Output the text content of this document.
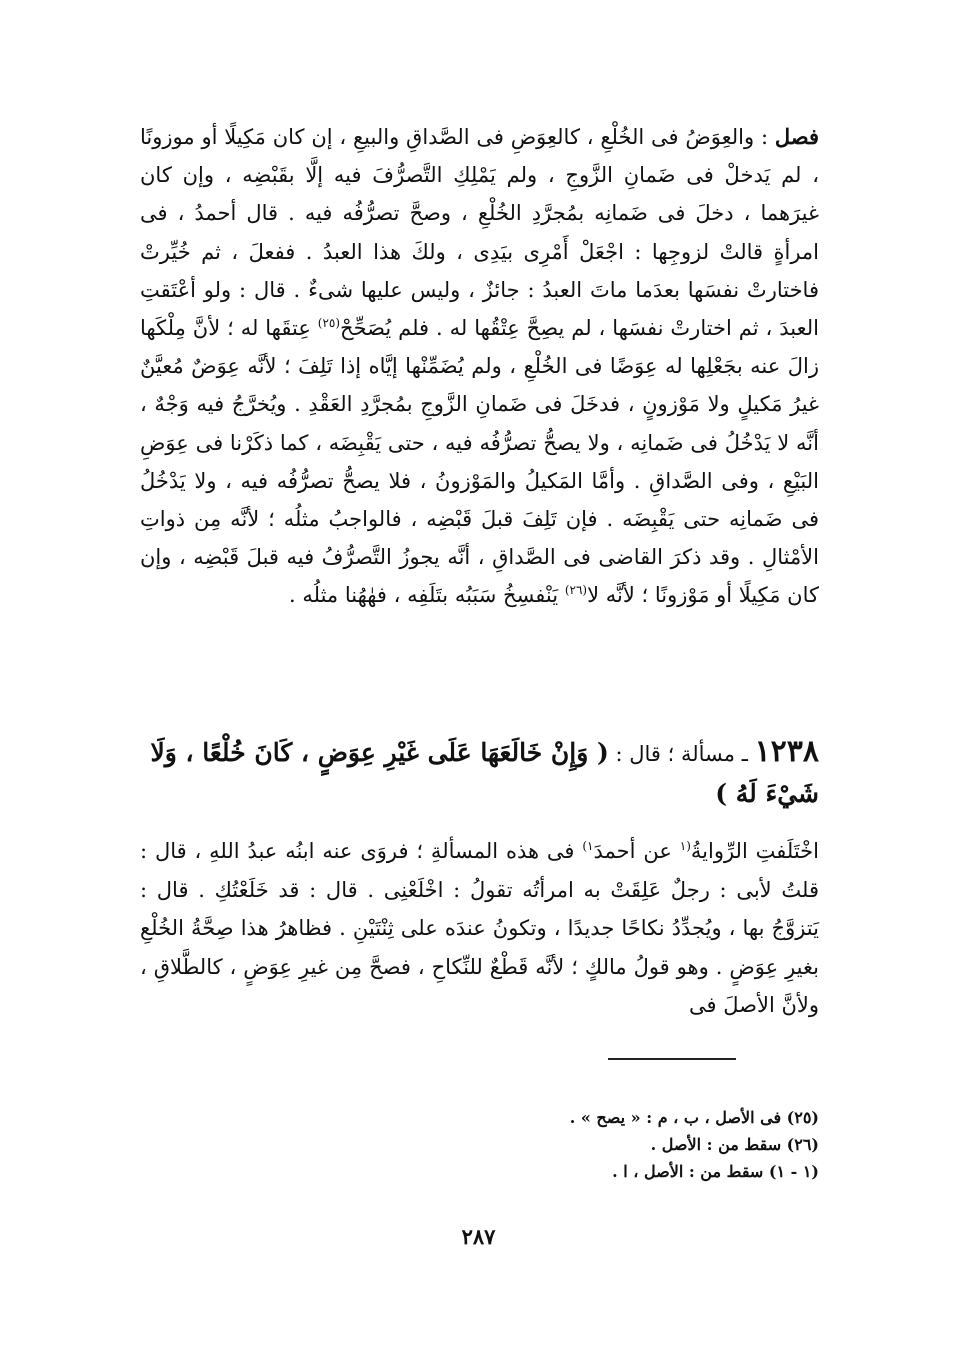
فصل : والعِوَضُ فى الخُلْعِ ، كالعِوَضِ فى الصَّداقِ والبيعِ ، إن كان مَكِيلًا أو موزونًا ، لم يَدخلْ فى ضَمانِ الزَّوجِ ، ولم يَمْلِكِ التَّصرُّفَ فيه إلَّا بقَبْضِه ، وإن كان غيرَهما ، دخلَ فى ضَمانِه بمُجرَّدِ الخُلْعِ ، وصحَّ تصرُّفُه فيه . قال أحمدُ ، فى امرأةٍ قالتْ لزوجِها : اجْعَلْ أَمْرِى بيَدِى ، ولكَ هذا العبدُ . ففعلَ ، ثم خُيِّرتْ فاختارتْ نفسَها بعدَما ماتَ العبدُ : جائزٌ ، وليس عليها شىءٌ . قال : ولو أعْتَقتِ العبدَ ، ثم اختارتْ نفسَها ، لم يصِحَّ عِتْقُها له . فلم يُصَحِّحْ$^{(٢٥)}$ عِتقَها له ؛ لأنَّ مِلْكَها زالَ عنه بجَعْلِها له عِوَضًا فى الخُلْعِ ، ولم يُضَمِّنْها إيَّاه إذا تَلِفَ ؛ لأنَّه عِوَضٌ مُعيَّنٌ غيرُ مَكيلٍ ولا مَوْزونٍ ، فدخَلَ فى ضَمانِ الزَّوجِ بمُجرَّدِ العَقْدِ . ويُخرَّجُ فيه وَجْهٌ ، أنَّه لا يَدْخُلُ فى ضَمانِه ، ولا يصحُّ تصرُّفُه فيه ، حتى يَقْبِضَه ، كما ذكَرْنا فى عِوَضِ البَيْعِ ، وفى الصَّداقِ . وأمَّا المَكيلُ والمَوْزونُ ، فلا يصحُّ تصرُّفُه فيه ، ولا يَدْخُلُ فى ضَمانِه حتى يَقْبِضَه . فإن تَلِفَ قبلَ قَبْضِه ، فالواجبُ مثلُه ؛ لأنَّه مِن ذواتِ الأمْثالِ . وقد ذكرَ القاضى فى الصَّداقِ ، أنَّه يجوزُ التَّصرُّفُ فيه قبلَ قَبْضِه ، وإن كان مَكِيلًا أو مَوْزونًا ؛ لأنَّه لا$^{(٢٦)}$ يَنْفسِخُ سَبَبُه بتَلَفِه ، فهٰهُنا مثلُه .

١٢٣٨ ـ مسألة ؛ قال : ( وَإِنْ خَالَعَهَا عَلَى غَيْرِ عِوَضٍ ، كَانَ خُلْعًا ، وَلَا شَيْءَ لَهُ )

اخْتَلَفتِ الرِّوايةُ$^{(١}$ عن أحمدَ$^{١)}$ فى هذه المسألةِ ؛ فروَى عنه ابنُه عبدُ اللهِ ، قال : قلتُ لأبى : رجلٌ عَلِقَتْ به امرأتُه تقولُ : اخْلَعْنِى . قال : قد خَلَعْتُكِ . قال : يَتزوَّجُ بها ، ويُجدِّدُ نكاحًا جديدًا ، وتكونُ عندَه على ثِنْتَيْنِ . فظاهرُ هذا صِحَّةُ الخُلْعِ بغيرِ عِوَضٍ . وهو قولُ مالكٍ ؛ لأنَّه قَطْعٌ للنِّكاحِ ، فصحَّ مِن غيرِ عِوَضٍ ، كالطَّلاقِ ، ولأنَّ الأصلَ فى

(٢٥) فى الأصل ، ب ، م : « يصح » .

(٢٦) سقط من : الأصل .

(١ - ١) سقط من : الأصل ، ا .

٢٨٧
